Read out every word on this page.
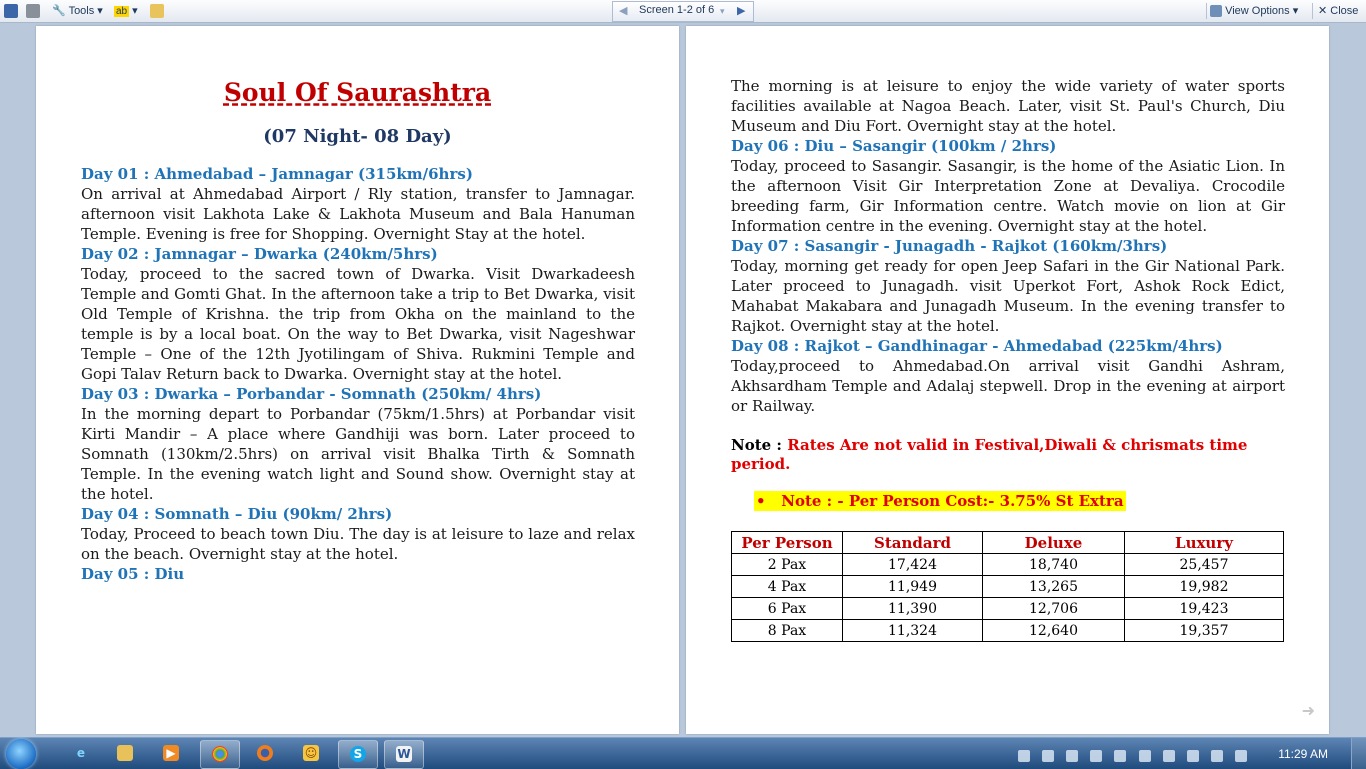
🔧 Tools ▾ ab ▾	◀ Screen 1-2 of 6 ▾ ▶	View Options ▾ ✕ Close
Soul Of Saurashtra
(07 Night- 08 Day)
Day 01 : Ahmedabad – Jamnagar (315km/6hrs)
On arrival at Ahmedabad Airport / Rly station, transfer to Jamnagar. afternoon visit Lakhota Lake & Lakhota Museum and Bala Hanuman Temple. Evening is free for Shopping. Overnight Stay at the hotel.
Day 02 : Jamnagar – Dwarka (240km/5hrs)
Today, proceed to the sacred town of Dwarka. Visit Dwarkadeesh Temple and Gomti Ghat. In the afternoon take a trip to Bet Dwarka, visit Old Temple of Krishna. the trip from Okha on the mainland to the temple is by a local boat. On the way to Bet Dwarka, visit Nageshwar Temple – One of the 12th Jyotilingam of Shiva. Rukmini Temple and Gopi Talav Return back to Dwarka. Overnight stay at the hotel.
Day 03 : Dwarka – Porbandar - Somnath (250km/ 4hrs)
In the morning depart to Porbandar (75km/1.5hrs) at Porbandar visit Kirti Mandir – A place where Gandhiji was born. Later proceed to Somnath (130km/2.5hrs) on arrival visit Bhalka Tirth & Somnath Temple. In the evening watch light and Sound show. Overnight stay at the hotel.
Day 04 : Somnath – Diu (90km/ 2hrs)
Today, Proceed to beach town Diu. The day is at leisure to laze and relax on the beach. Overnight stay at the hotel.
Day 05 : Diu
The morning is at leisure to enjoy the wide variety of water sports facilities available at Nagoa Beach. Later, visit St. Paul's Church, Diu Museum and Diu Fort. Overnight stay at the hotel.
Day 06 : Diu – Sasangir (100km / 2hrs)
Today, proceed to Sasangir. Sasangir, is the home of the Asiatic Lion. In the afternoon Visit Gir Interpretation Zone at Devaliya. Crocodile breeding farm, Gir Information centre. Watch movie on lion at Gir Information centre in the evening. Overnight stay at the hotel.
Day 07 : Sasangir - Junagadh - Rajkot (160km/3hrs)
Today, morning get ready for open Jeep Safari in the Gir National Park. Later proceed to Junagadh. visit Uperkot Fort, Ashok Rock Edict, Mahabat Makabara and Junagadh Museum. In the evening transfer to Rajkot. Overnight stay at the hotel.
Day 08 : Rajkot – Gandhinagar - Ahmedabad (225km/4hrs)
Today,proceed to Ahmedabad.On arrival visit Gandhi Ashram, Akhsardham Temple and Adalaj stepwell. Drop in the evening at airport or Railway.
Note : Rates Are not valid in Festival,Diwali & chrismats time period.
• Note : - Per Person Cost:- 3.75% St Extra
Per Person	Standard	Deluxe	Luxury
2 Pax	17,424	18,740	25,457
4 Pax	11,949	13,265	19,982
6 Pax	11,390	12,706	19,423
8 Pax	11,324	12,640	19,357
➜
e	▶	☺	S	W
	11:29 AM
